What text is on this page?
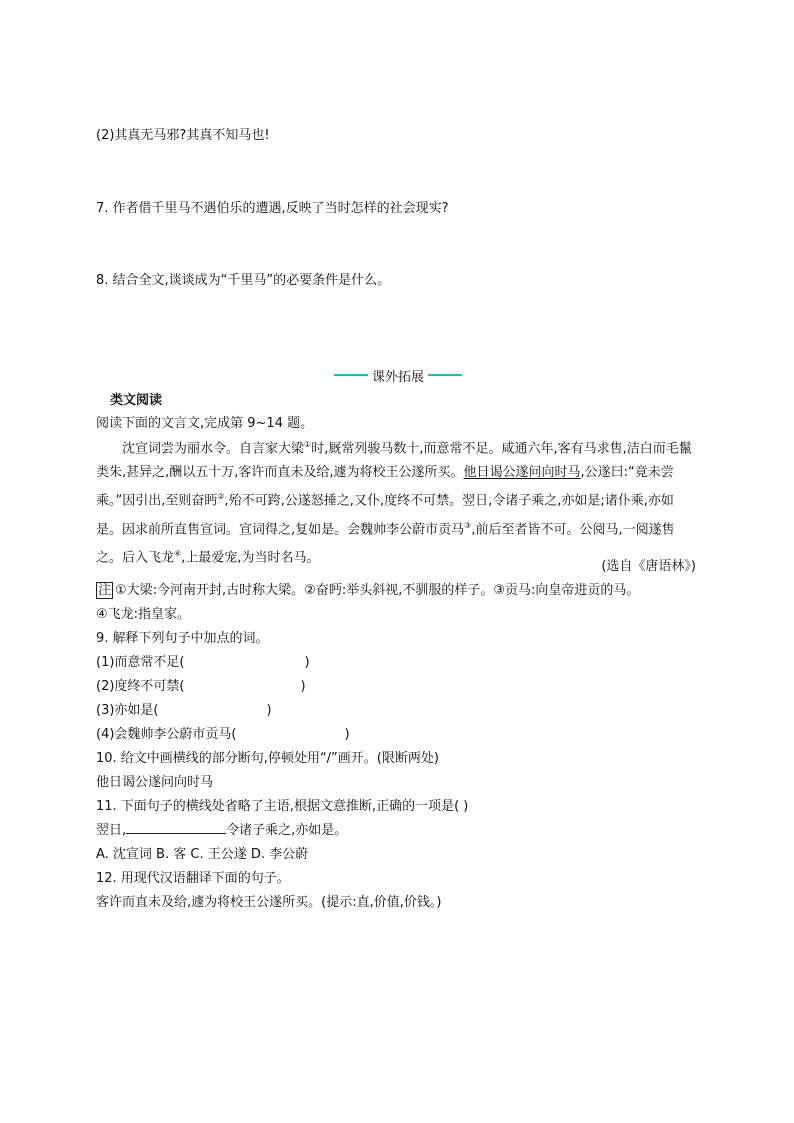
(2)其真无马邪?其真不知马也!
7. 作者借千里马不遇伯乐的遭遇,反映了当时怎样的社会现实?
8. 结合全文,谈谈成为“千里马”的必要条件是什么。
课外拓展
类文阅读
阅读下面的文言文,完成第 9~14 题。
沈宣词尝为丽水令。自言家大梁①时,厩常列骏马数十,而意常不足。咸通六年,客有马求售,洁白而毛鬣类朱,甚异之,酬以五十万,客许而直未及给,遽为将校王公遂所买。他日谒公遂问向时马,公遂曰:“竟未尝乘。”因引出,至则奋眄②,殆不可跨,公遂怒捶之,又仆,度终不可禁。翌日,令诸子乘之,亦如是;诸仆乘,亦如是。因求前所直售宣词。宣词得之,复如是。会魏帅李公蔚市贡马③,前后至者皆不可。公阅马,一阅遂售之。后入飞龙④,上最爱宠,为当时名马。
(选自《唐语林》)
注 ①大梁:今河南开封,古时称大梁。②奋眄:举头斜视,不驯服的样子。③贡马:向皇帝进贡的马。
④飞龙:指皇家。
9. 解释下列句子中加点的词。
(1)而意常不足(	)
(2)度终不可禁(	)
(3)亦如是(	)
(4)会魏帅李公蔚市贡马(	)
10. 给文中画横线的部分断句,停顿处用“/”画开。(限断两处)
他日谒公遂问向时马
11. 下面句子的横线处省略了主语,根据文意推断,正确的一项是( )
翌日,	令诸子乘之,亦如是。
A. 沈宣词 B. 客 C. 王公遂 D. 李公蔚
12. 用现代汉语翻译下面的句子。
客许而直未及给,遽为将校王公遂所买。(提示:直,价值,价钱。)
